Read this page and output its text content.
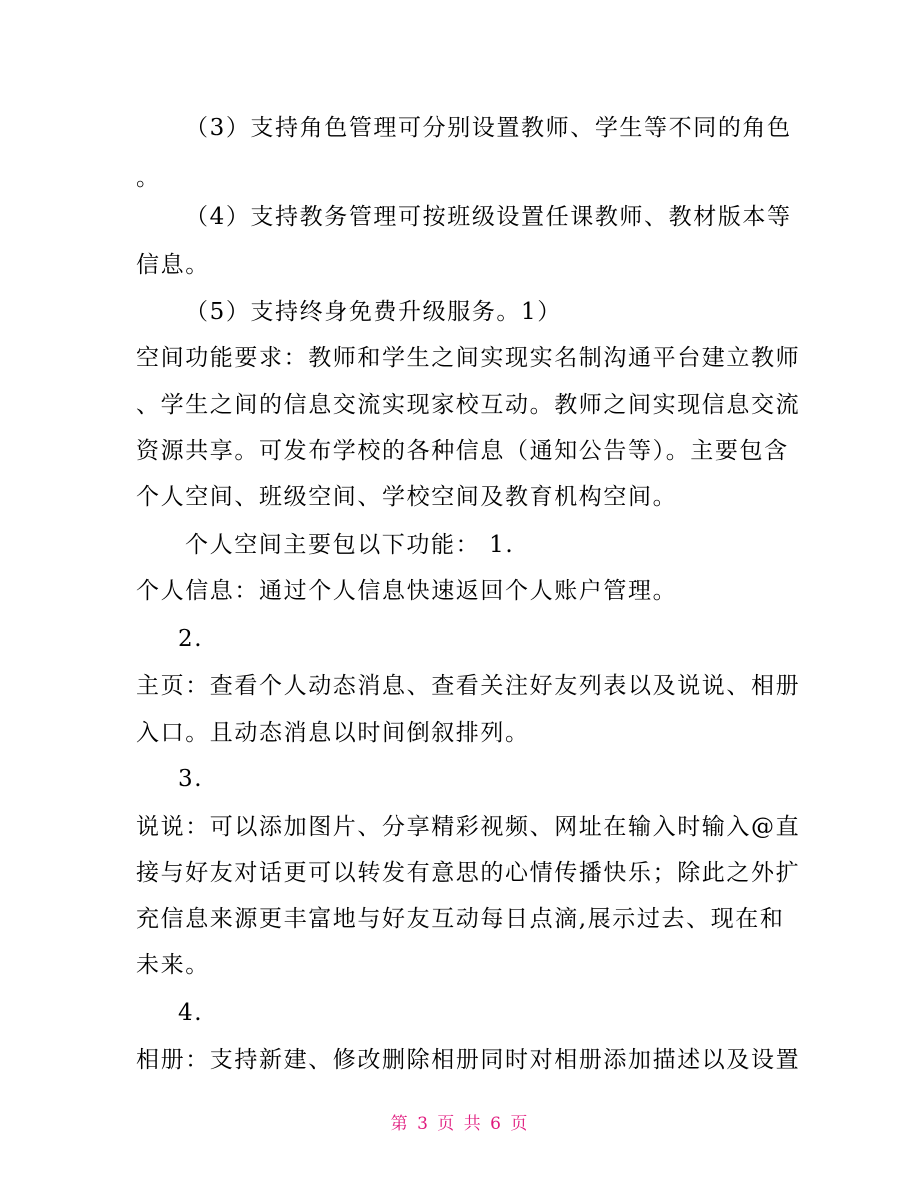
（3）支持角色管理可分别设置教师、学生等不同的角色

。

（4）支持教务管理可按班级设置任课教师、教材版本等

信息。

（5）支持终身免费升级服务。1）

空间功能要求：教师和学生之间实现实名制沟通平台建立教师

、学生之间的信息交流实现家校互动。教师之间实现信息交流

资源共享。可发布学校的各种信息（通知公告等）。主要包含

个人空间、班级空间、学校空间及教育机构空间。

个人空间主要包以下功能： 1.

个人信息：通过个人信息快速返回个人账户管理。

2.

主页：查看个人动态消息、查看关注好友列表以及说说、相册

入口。且动态消息以时间倒叙排列。

3.

说说：可以添加图片、分享精彩视频、网址在输入时输入@直

接与好友对话更可以转发有意思的心情传播快乐；除此之外扩

充信息来源更丰富地与好友互动每日点滴,展示过去、现在和

未来。

4.

相册：支持新建、修改删除相册同时对相册添加描述以及设置

第 3 页 共 6 页
